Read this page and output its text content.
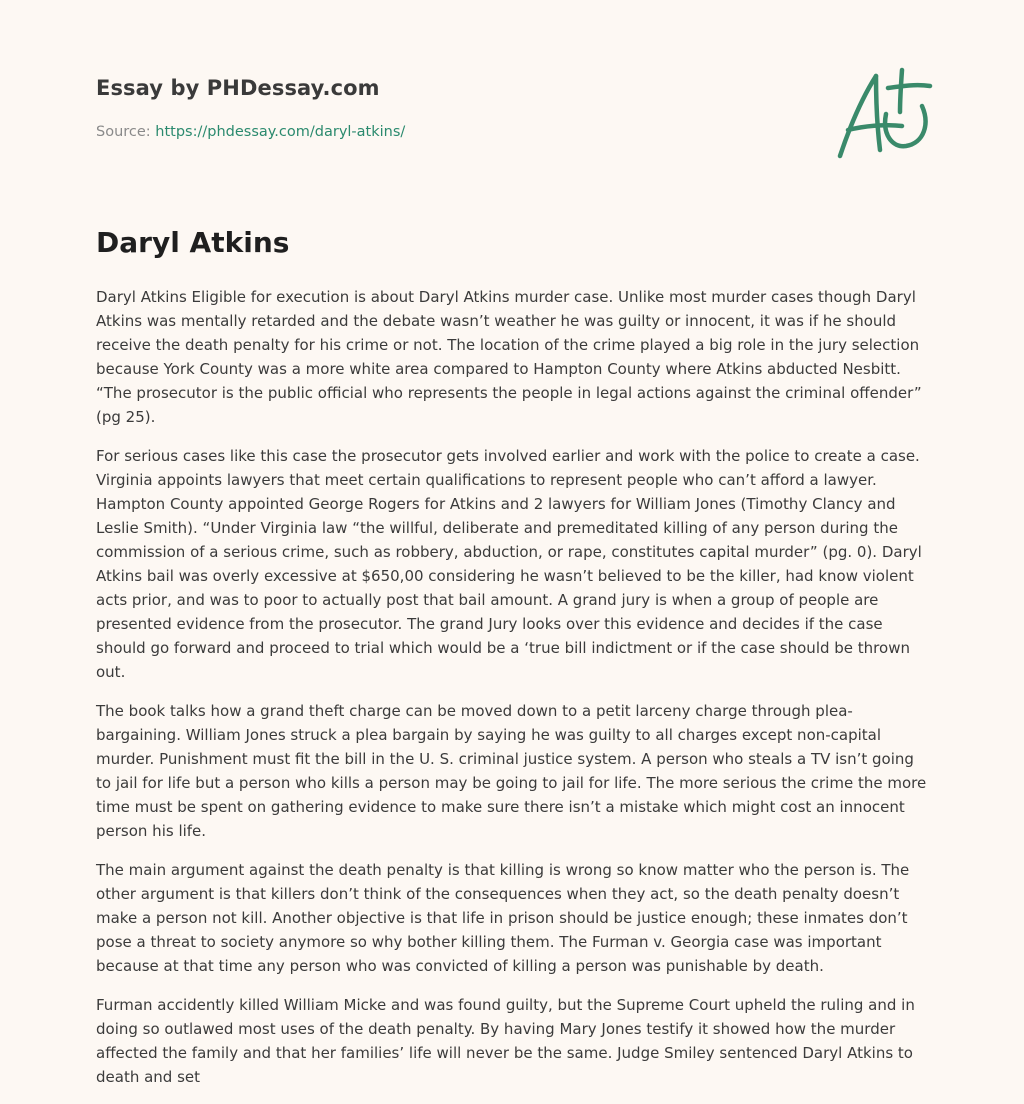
Essay by PHDessay.com
Source: https://phdessay.com/daryl-atkins/
Daryl Atkins

Daryl Atkins Eligible for execution is about Daryl Atkins murder case. Unlike most murder cases though Daryl Atkins was mentally retarded and the debate wasn’t weather he was guilty or innocent, it was if he should receive the death penalty for his crime or not. The location of the crime played a big role in the jury selection because York County was a more white area compared to Hampton County where Atkins abducted Nesbitt. “The prosecutor is the public official who represents the people in legal actions against the criminal offender” (pg 25).

For serious cases like this case the prosecutor gets involved earlier and work with the police to create a case. Virginia appoints lawyers that meet certain qualifications to represent people who can’t afford a lawyer. Hampton County appointed George Rogers for Atkins and 2 lawyers for William Jones (Timothy Clancy and Leslie Smith). “Under Virginia law “the willful, deliberate and premeditated killing of any person during the commission of a serious crime, such as robbery, abduction, or rape, constitutes capital murder” (pg. 0). Daryl Atkins bail was overly excessive at $650,00 considering he wasn’t believed to be the killer, had know violent acts prior, and was to poor to actually post that bail amount. A grand jury is when a group of people are presented evidence from the prosecutor. The grand Jury looks over this evidence and decides if the case should go forward and proceed to trial which would be a ‘true bill indictment or if the case should be thrown out.

The book talks how a grand theft charge can be moved down to a petit larceny charge through plea-bargaining. William Jones struck a plea bargain by saying he was guilty to all charges except non-capital murder. Punishment must fit the bill in the U. S. criminal justice system. A person who steals a TV isn’t going to jail for life but a person who kills a person may be going to jail for life. The more serious the crime the more time must be spent on gathering evidence to make sure there isn’t a mistake which might cost an innocent person his life.

The main argument against the death penalty is that killing is wrong so know matter who the person is. The other argument is that killers don’t think of the consequences when they act, so the death penalty doesn’t make a person not kill. Another objective is that life in prison should be justice enough; these inmates don’t pose a threat to society anymore so why bother killing them. The Furman v. Georgia case was important because at that time any person who was convicted of killing a person was punishable by death.

Furman accidently killed William Micke and was found guilty, but the Supreme Court upheld the ruling and in doing so outlawed most uses of the death penalty. By having Mary Jones testify it showed how the murder affected the family and that her families’ life will never be the same. Judge Smiley sentenced Daryl Atkins to death and set
